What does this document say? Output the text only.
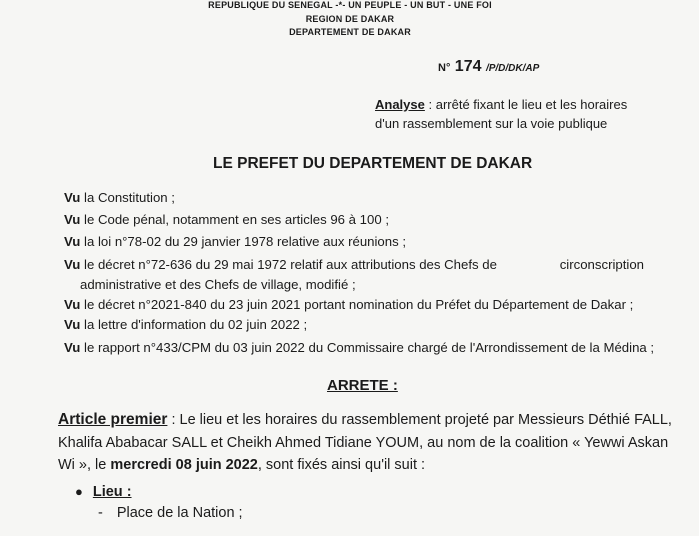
REPUBLIQUE DU SENEGAL -*- UN PEUPLE - UN BUT - UNE FOI
REGION DE DAKAR
DEPARTEMENT DE DAKAR
N° 174 /P/D/DK/AP
Analyse : arrêté fixant le lieu et les horaires
d'un rassemblement sur la voie publique
LE PREFET DU DEPARTEMENT DE DAKAR
Vu la Constitution ;
Vu le Code pénal, notamment en ses articles 96 à 100 ;
Vu la loi n°78-02 du 29 janvier 1978 relative aux réunions ;
Vu le décret n°72-636 du 29 mai 1972 relatif aux attributions des Chefs de	circonscription
administrative et des Chefs de village, modifié ;
Vu le décret n°2021-840 du 23 juin 2021 portant nomination du Préfet du Département de Dakar ;
Vu la lettre d'information du 02 juin 2022 ;
Vu le rapport n°433/CPM du 03 juin 2022 du Commissaire chargé de l'Arrondissement de la Médina ;
ARRETE :
Article premier : Le lieu et les horaires du rassemblement projeté par Messieurs Déthié FALL,
Khalifa Ababacar SALL et Cheikh Ahmed Tidiane YOUM, au nom de la coalition « Yewwi Askan
Wi », le mercredi 08 juin 2022, sont fixés ainsi qu'il suit :
● Lieu :
- Place de la Nation ;
